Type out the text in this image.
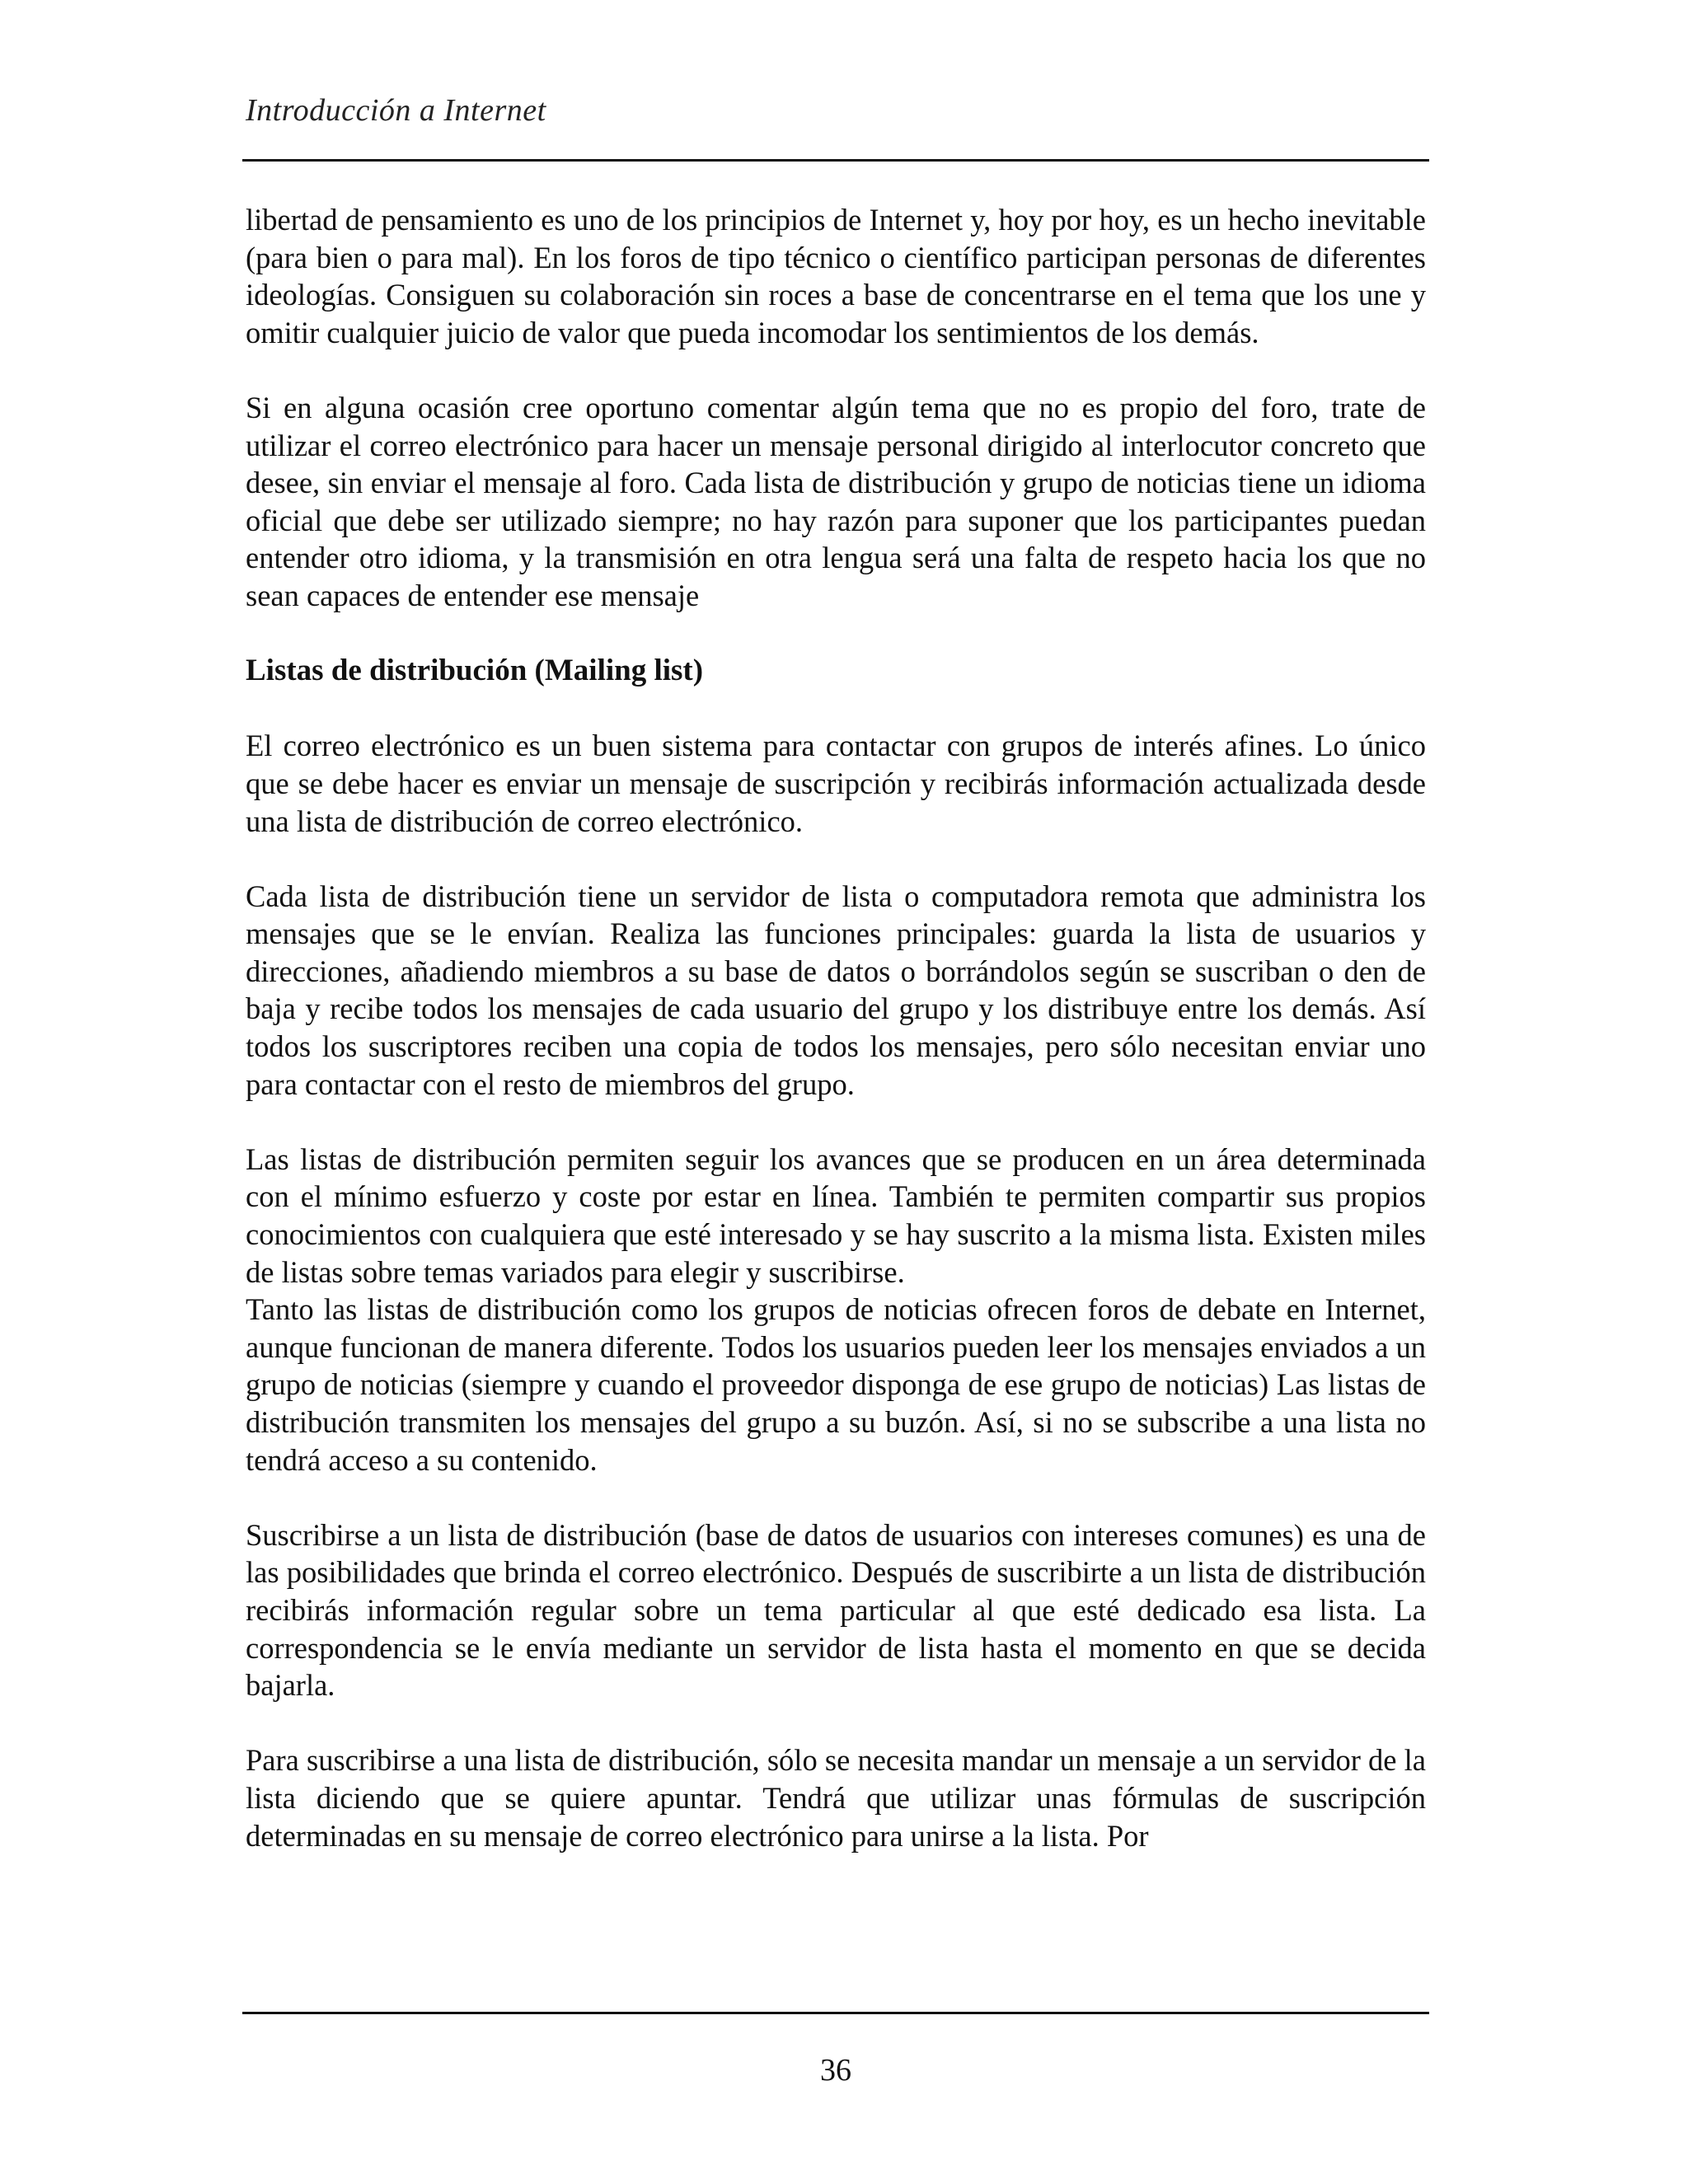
Introducción a Internet

libertad de pensamiento es uno de los principios de Internet y, hoy por hoy, es un hecho inevitable (para bien o para mal). En los foros de tipo técnico o científico participan personas de diferentes ideologías. Consiguen su colaboración sin roces a base de concentrarse en el tema que los une y omitir cualquier juicio de valor que pueda incomodar los sentimientos de los demás.

Si en alguna ocasión cree oportuno comentar algún tema que no es propio del foro, trate de utilizar el correo electrónico para hacer un mensaje personal dirigido al interlocutor concreto que desee, sin enviar el mensaje al foro. Cada lista de distribución y grupo de noticias tiene un idioma oficial que debe ser utilizado siempre; no hay razón para suponer que los participantes puedan entender otro idioma, y la transmisión en otra lengua será una falta de respeto hacia los que no sean capaces de entender ese mensaje

Listas de distribución (Mailing list)

El correo electrónico es un buen sistema para contactar con grupos de interés afines. Lo único que se debe hacer es enviar un mensaje de suscripción y recibirás información actualizada desde una lista de distribución de correo electrónico.

Cada lista de distribución tiene un servidor de lista o computadora remota que administra los mensajes que se le envían. Realiza las funciones principales: guarda la lista de usuarios y direcciones, añadiendo miembros a su base de datos o borrándolos según se suscriban o den de baja y recibe todos los mensajes de cada usuario del grupo y los distribuye entre los demás. Así todos los suscriptores reciben una copia de todos los mensajes, pero sólo necesitan enviar uno para contactar con el resto de miembros del grupo.

Las listas de distribución permiten seguir los avances que se producen en un área determinada con el mínimo esfuerzo y coste por estar en línea. También te permiten compartir sus propios conocimientos con cualquiera que esté interesado y se hay suscrito a la misma lista. Existen miles de listas sobre temas variados para elegir y suscribirse.

Tanto las listas de distribución como los grupos de noticias ofrecen foros de debate en Internet, aunque funcionan de manera diferente. Todos los usuarios pueden leer los mensajes enviados a un grupo de noticias (siempre y cuando el proveedor disponga de ese grupo de noticias) Las listas de distribución transmiten los mensajes del grupo a su buzón. Así, si no se subscribe a una lista no tendrá acceso a su contenido.

Suscribirse a un lista de distribución (base de datos de usuarios con intereses comunes) es una de las posibilidades que brinda el correo electrónico. Después de suscribirte a un lista de distribución recibirás información regular sobre un tema particular al que esté dedicado esa lista. La correspondencia se le envía mediante un servidor de lista hasta el momento en que se decida bajarla.

Para suscribirse a una lista de distribución, sólo se necesita mandar un mensaje a un servidor de la lista diciendo que se quiere apuntar. Tendrá que utilizar unas fórmulas de suscripción determinadas en su mensaje de correo electrónico para unirse a la lista. Por

36
